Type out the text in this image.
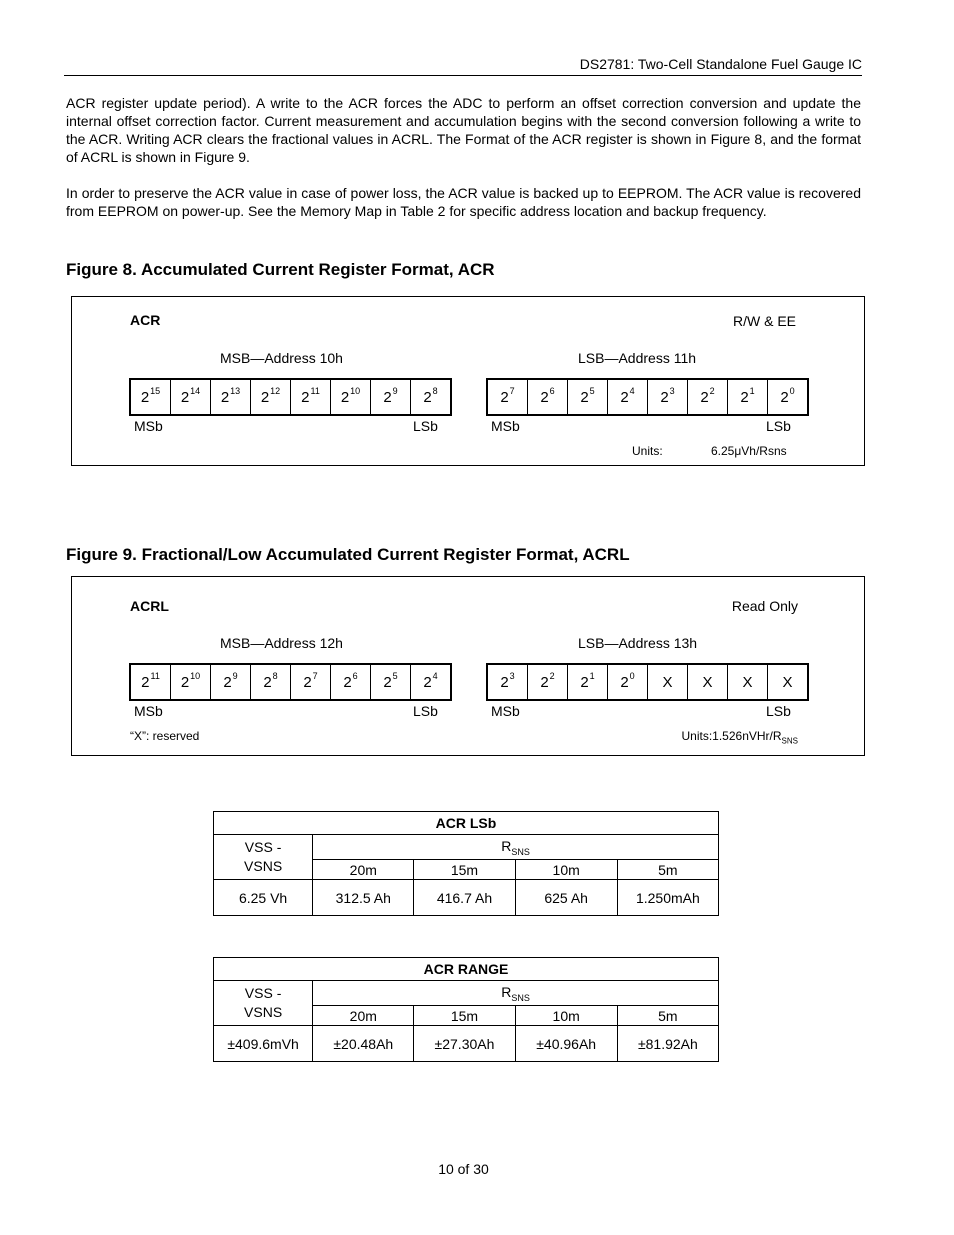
DS2781: Two-Cell Standalone Fuel Gauge IC
ACR register update period). A write to the ACR forces the ADC to perform an offset correction conversion and update the internal offset correction factor. Current measurement and accumulation begins with the second conversion following a write to the ACR. Writing ACR clears the fractional values in ACRL. The Format of the ACR register is shown in Figure 8, and the format of ACRL is shown in Figure 9.
In order to preserve the ACR value in case of power loss, the ACR value is backed up to EEPROM. The ACR value is recovered from EEPROM on power-up. See the Memory Map in Table 2 for specific address location and backup frequency.
Figure 8. Accumulated Current Register Format, ACR
ACR	R/W & EE
MSB—Address 10h	LSB—Address 11h
$2^{15}$ $2^{14}$ $2^{13}$ $2^{12}$ $2^{11}$ $2^{10}$ $2^9$ $2^8$	$2^7$ $2^6$ $2^5$ $2^4$ $2^3$ $2^2$ $2^1$ $2^0$
MSb	LSb	MSb	LSb
Units:	6.25μVh/Rsns
Figure 9. Fractional/Low Accumulated Current Register Format, ACRL
ACRL	Read Only
MSB—Address 12h	LSB—Address 13h
$2^{11}$ $2^{10}$ $2^9$ $2^8$ $2^7$ $2^6$ $2^5$ $2^4$	$2^3$ $2^2$ $2^1$ $2^0$ X X X X
MSb	LSb	MSb	LSb
“X”: reserved	$Units:1.526nVHr/R_{SNS}$
ACR LSb				
VSS -
VSNS	$R_{SNS}$
	20m	15m	10m	5m
6.25 Vh	312.5 Ah	416.7 Ah	625 Ah	1.250mAh
ACR RANGE				
VSS -
VSNS	$R_{SNS}$
	20m	15m	10m	5m
±409.6mVh	±20.48Ah	±27.30Ah	±40.96Ah	±81.92Ah
10 of 30
